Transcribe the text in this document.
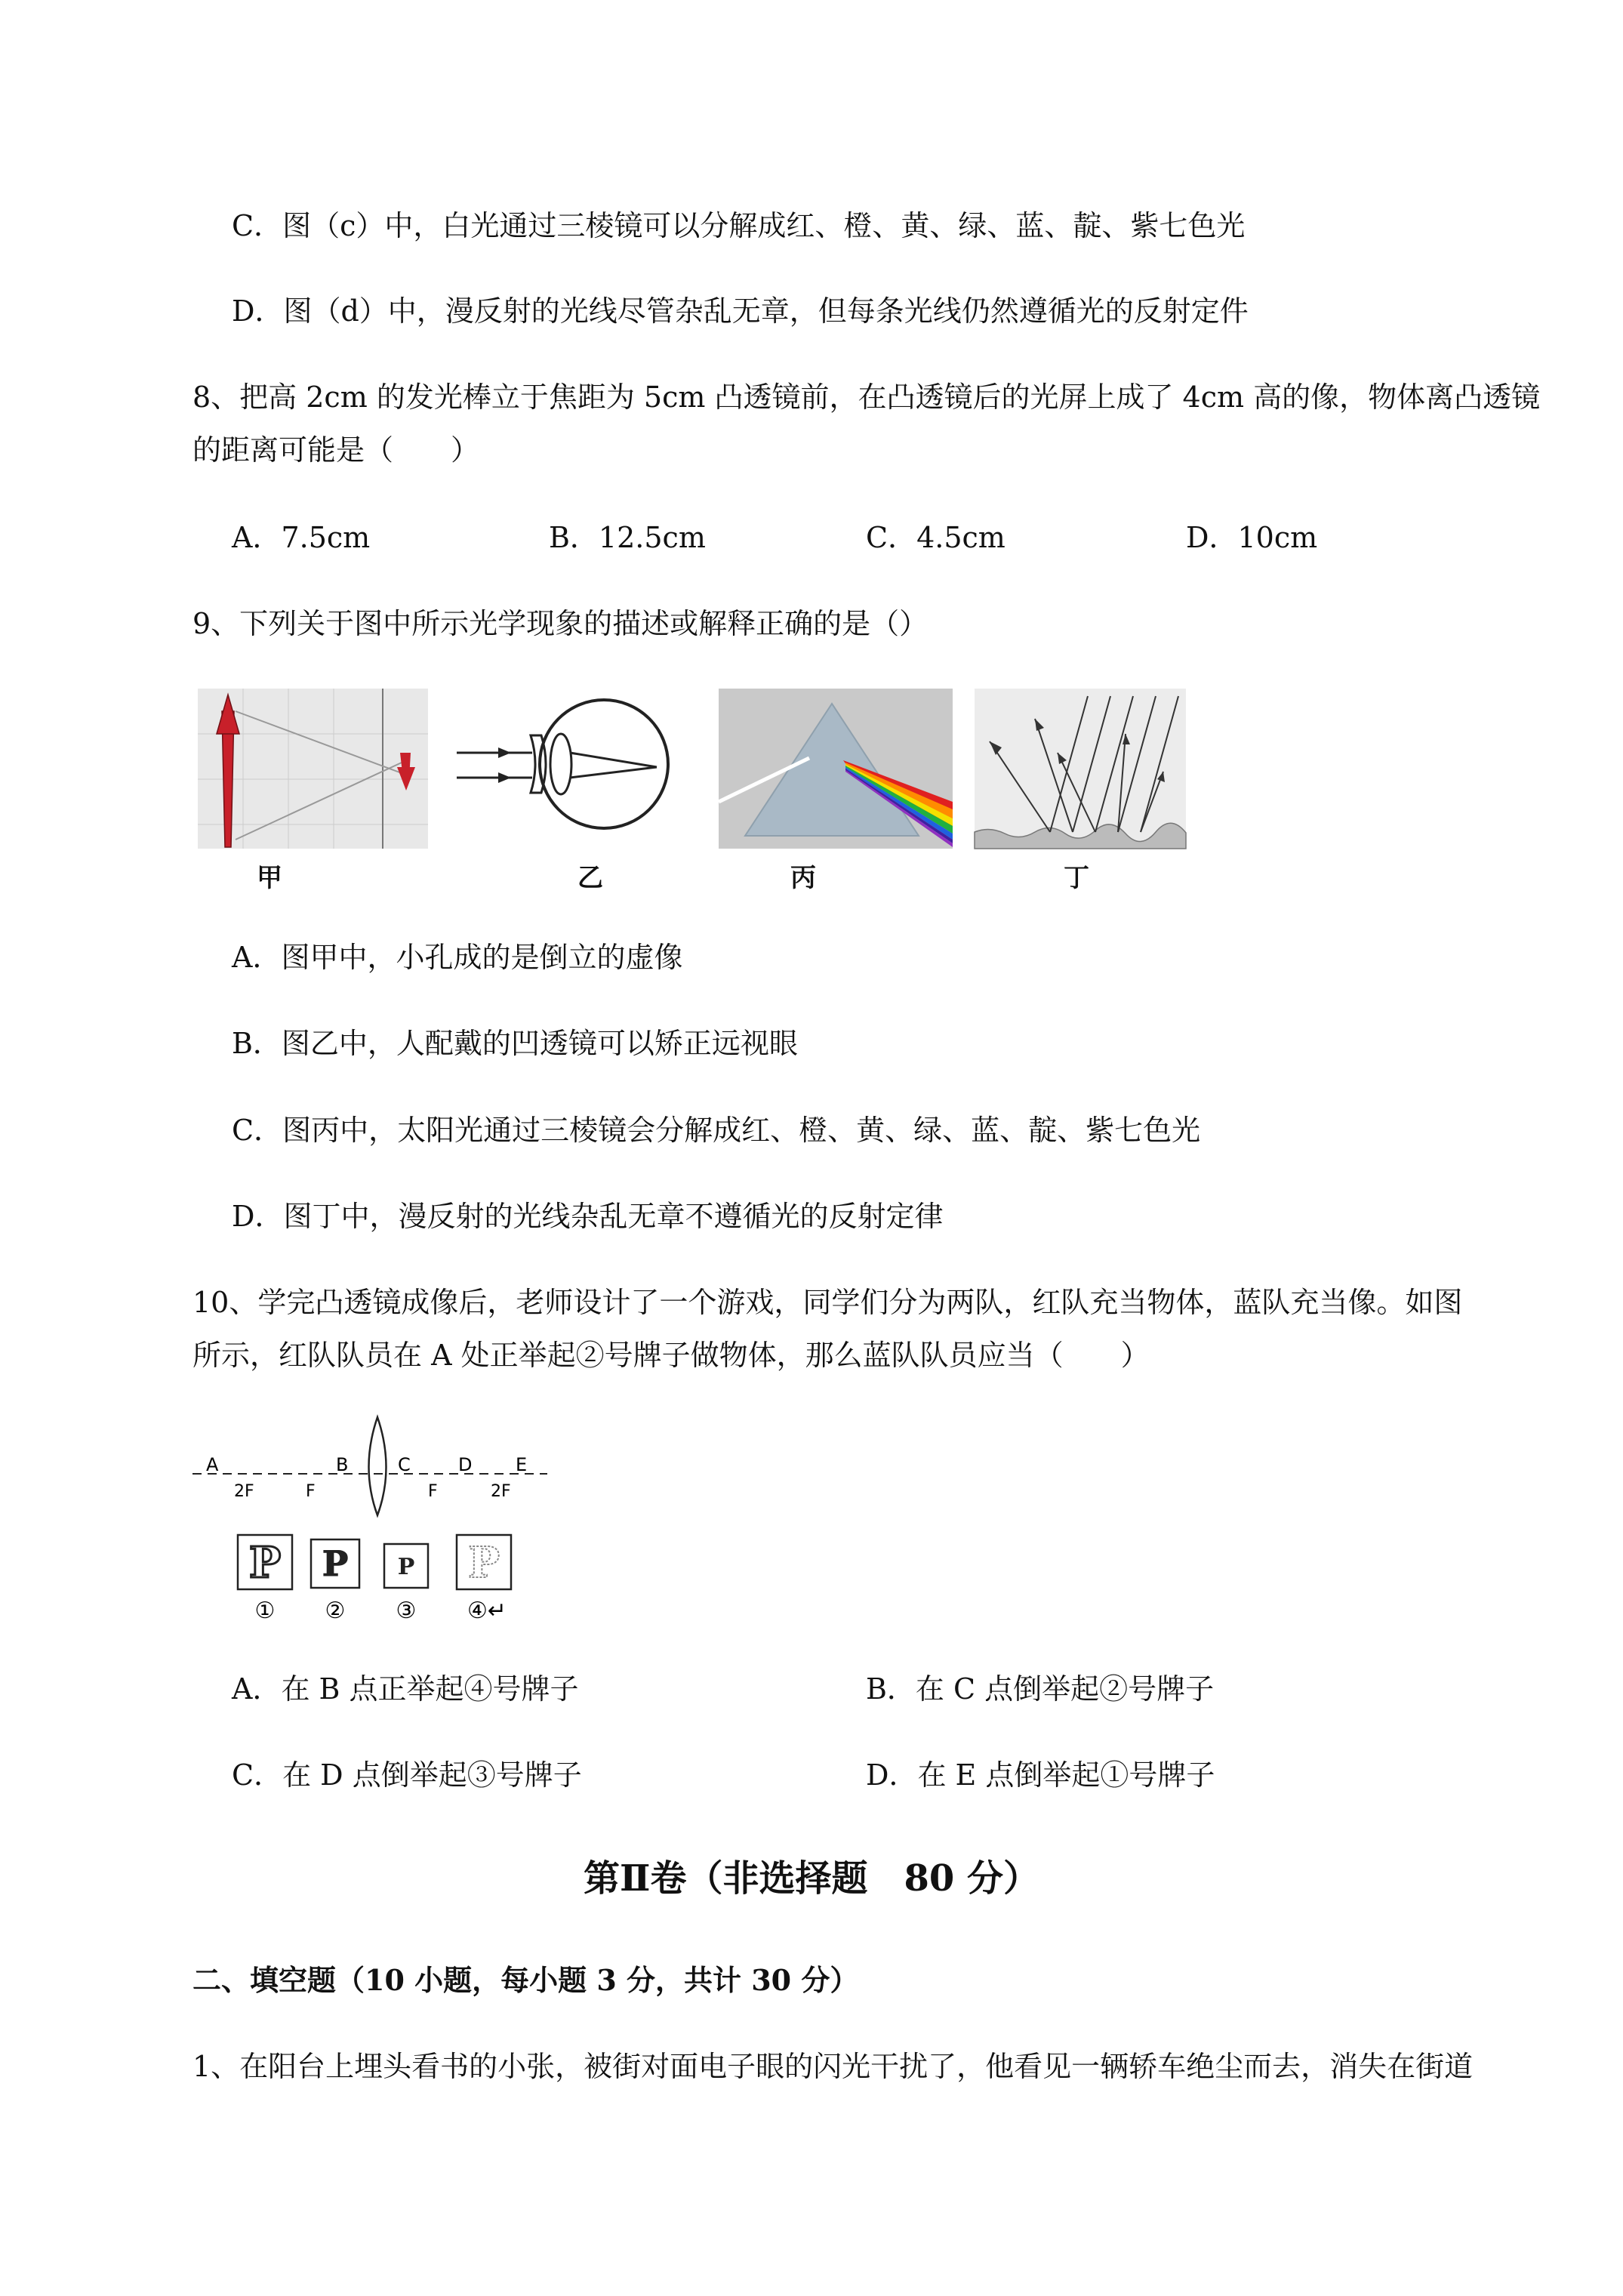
C．图（c）中，白光通过三棱镜可以分解成红、橙、黄、绿、蓝、靛、紫七色光
D．图（d）中，漫反射的光线尽管杂乱无章，但每条光线仍然遵循光的反射定件
8、把高 2cm 的发光棒立于焦距为 5cm 凸透镜前，在凸透镜后的光屏上成了 4cm 高的像，物体离凸透镜
的距离可能是（　　）
A．7.5cm	B．12.5cm	C．4.5cm	D．10cm
9、下列关于图中所示光学现象的描述或解释正确的是（）
甲	乙	丙	丁
A．图甲中，小孔成的是倒立的虚像
B．图乙中，人配戴的凹透镜可以矫正远视眼
C．图丙中，太阳光通过三棱镜会分解成红、橙、黄、绿、蓝、靛、紫七色光
D．图丁中，漫反射的光线杂乱无章不遵循光的反射定律
10、学完凸透镜成像后，老师设计了一个游戏，同学们分为两队，红队充当物体，蓝队充当像。如图
所示，红队队员在 A 处正举起②号牌子做物体，那么蓝队队员应当（　　）
A	B	C	D E
2F	F	F	2F
P P P P
① ② ③ ④↵
A．在 B 点正举起④号牌子	B．在 C 点倒举起②号牌子
C．在 D 点倒举起③号牌子	D．在 E 点倒举起①号牌子
第Ⅱ卷（非选择题　80 分）
二、填空题（10 小题，每小题 3 分，共计 30 分）
1、在阳台上埋头看书的小张，被街对面电子眼的闪光干扰了，他看见一辆轿车绝尘而去，消失在街道
